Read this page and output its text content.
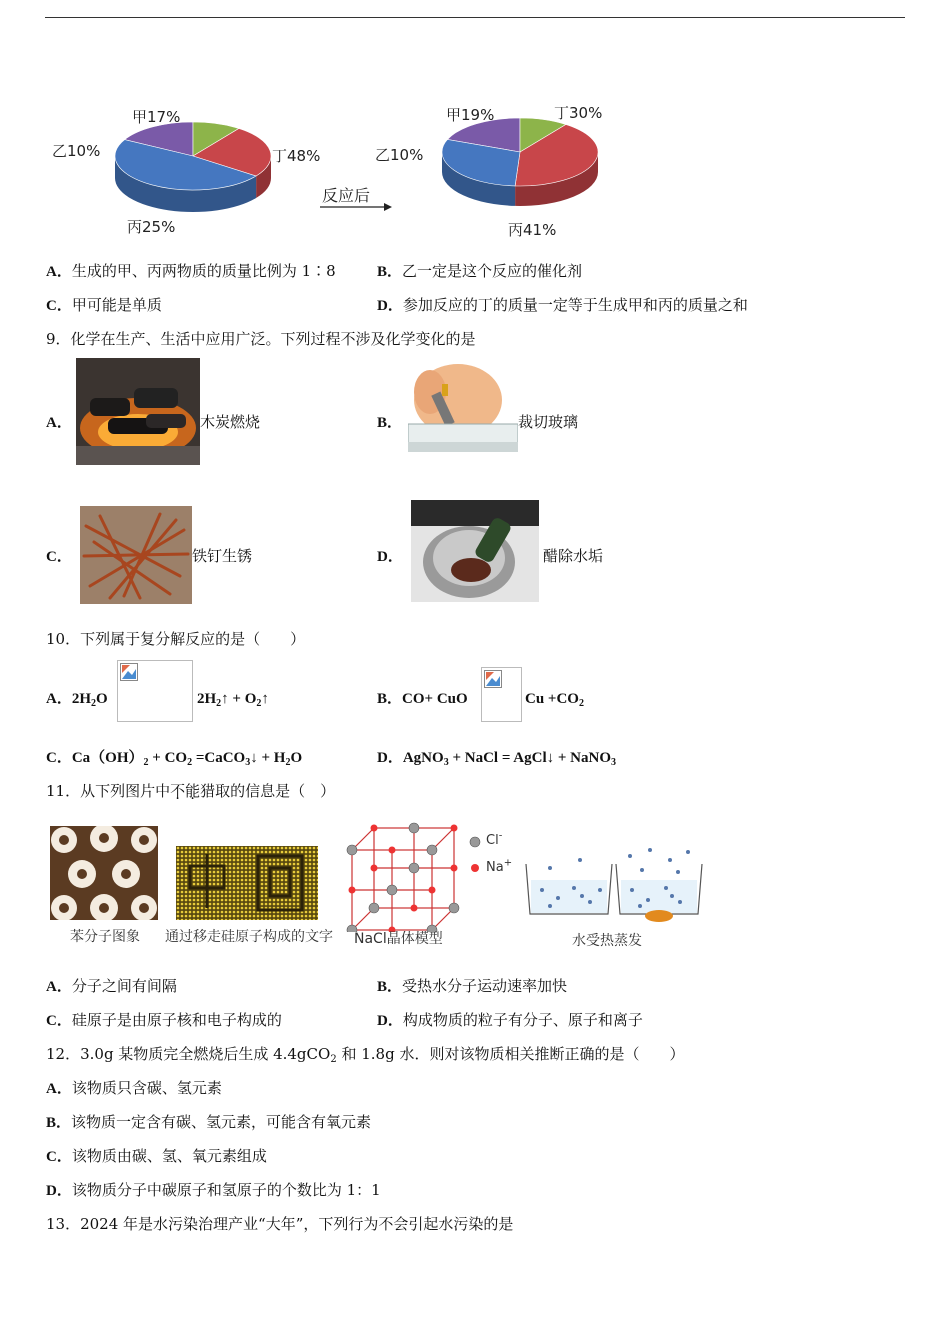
甲17%
乙10%	丁48%
丙25%
反应后
甲19%	丁30%
乙10%
丙41%
A．生成的甲、丙两物质的质量比例为 1∶8	B．乙一定是这个反应的催化剂
C．甲可能是单质	D．参加反应的丁的质量一定等于生成甲和丙的质量之和
9．化学在生产、生活中应用广泛。下列过程不涉及化学变化的是
A．	木炭燃烧	B．	裁切玻璃
C．	铁钉生锈	D．	醋除水垢
10．下列属于复分解反应的是（　　）
A．$2H_2O$	$2H_2↑$ + $O_2↑$	B．CO+ CuO	$Cu +CO_2$
C．$Ca(OH)_2 + CO_2$ =CaCO$_3$↓ + $H_2O$	D．AgNO$_3$ + NaCl = AgCl↓ + NaNO$_3$
11．从下列图片中不能猎取的信息是（　）
苯分子图象 通过移走硅原子构成的文字
Cl-
Na+
NaCl晶体模型	水受热蒸发
A．分子之间有间隔	B．受热水分子运动速率加快
C．硅原子是由原子核和电子构成的	D．构成物质的粒子有分子、原子和离子
12．3.0g 某物质完全燃烧后生成 4.4gCO$_2$ 和 1.8g 水．则对该物质相关推断正确的是（　　）
A．该物质只含碳、氢元素
B．该物质一定含有碳、氢元素，可能含有氧元素
C．该物质由碳、氢、氧元素组成
D．该物质分子中碳原子和氢原子的个数比为 1：1
13．2024 年是水污染治理产业“大年”，下列行为不会引起水污染的是
